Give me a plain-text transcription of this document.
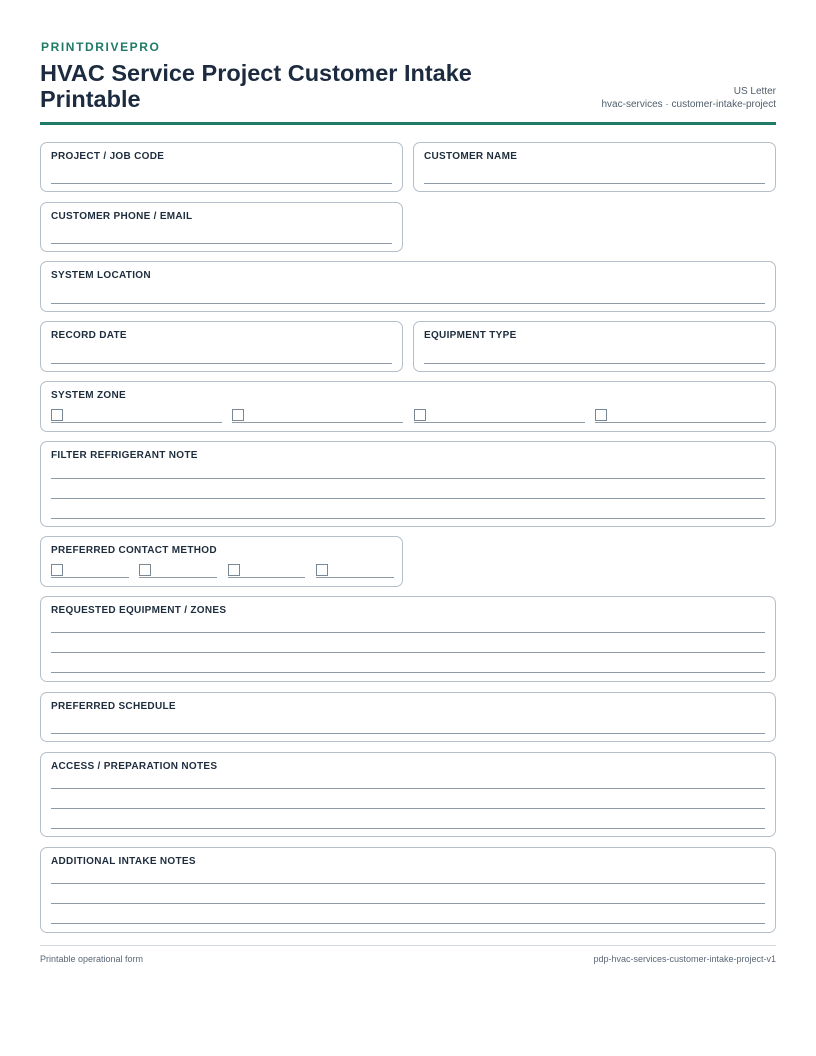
PRINTDRIVEPRO
HVAC Service Project Customer Intake Printable	US Letter
hvac-services · customer-intake-project
PROJECT / JOB CODE	CUSTOMER NAME
CUSTOMER PHONE / EMAIL
SYSTEM LOCATION
RECORD DATE	EQUIPMENT TYPE
SYSTEM ZONE
FILTER REFRIGERANT NOTE
PREFERRED CONTACT METHOD
REQUESTED EQUIPMENT / ZONES
PREFERRED SCHEDULE
ACCESS / PREPARATION NOTES
ADDITIONAL INTAKE NOTES
Printable operational form	pdp-hvac-services-customer-intake-project-v1
